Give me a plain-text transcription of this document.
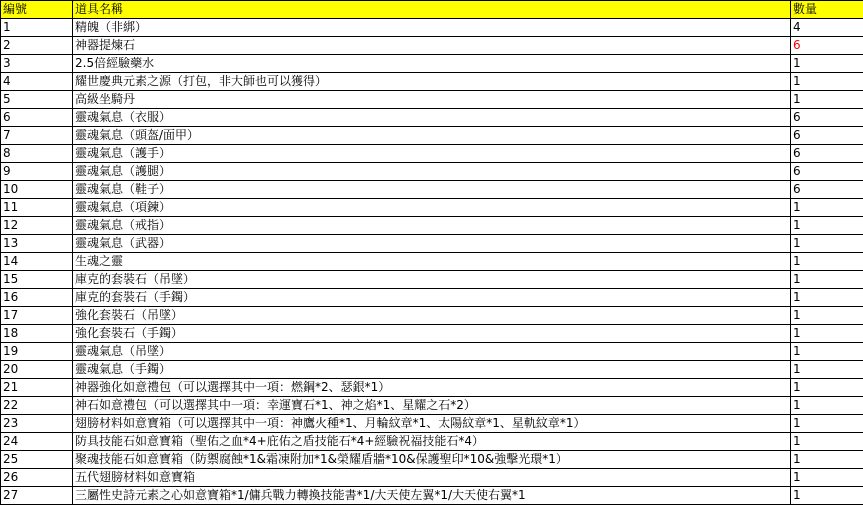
編號	道具名稱	數量
1	精魄（非綁）	4
2	神器提煉石	6
3	2.5倍經驗藥水	1
4	耀世慶典元素之源（打包，非大師也可以獲得）	1
5	高級坐騎丹	1
6	靈魂氣息（衣服）	6
7	靈魂氣息（頭盔/面甲）	6
8	靈魂氣息（護手）	6
9	靈魂氣息（護腿）	6
10	靈魂氣息（鞋子）	6
11	靈魂氣息（項鍊）	1
12	靈魂氣息（戒指）	1
13	靈魂氣息（武器）	1
14	生魂之靈	1
15	庫克的套裝石（吊墜）	1
16	庫克的套裝石（手鐲）	1
17	強化套裝石（吊墜）	1
18	強化套裝石（手鐲）	1
19	靈魂氣息（吊墜）	1
20	靈魂氣息（手鐲）	1
21	神器強化如意禮包（可以選擇其中一項：燃鋼*2、瑟銀*1）	1
22	神石如意禮包（可以選擇其中一項：幸運寶石*1、神之焰*1、星耀之石*2）	1
23	翅膀材料如意寶箱（可以選擇其中一項：神鷹火種*1、月輪紋章*1、太陽紋章*1、星軌紋章*1）	1
24	防具技能石如意寶箱（聖佑之血*4+庇佑之盾技能石*4+經驗祝福技能石*4）	1
25	聚魂技能石如意寶箱（防禦腐蝕*1&霜凍附加*1&榮耀盾牆*10&保護聖印*10&強擊光環*1）	1
26	五代翅膀材料如意寶箱	1
27	三屬性史詩元素之心如意寶箱*1/傭兵戰力轉換技能書*1/大天使左翼*1/大天使右翼*1	1
